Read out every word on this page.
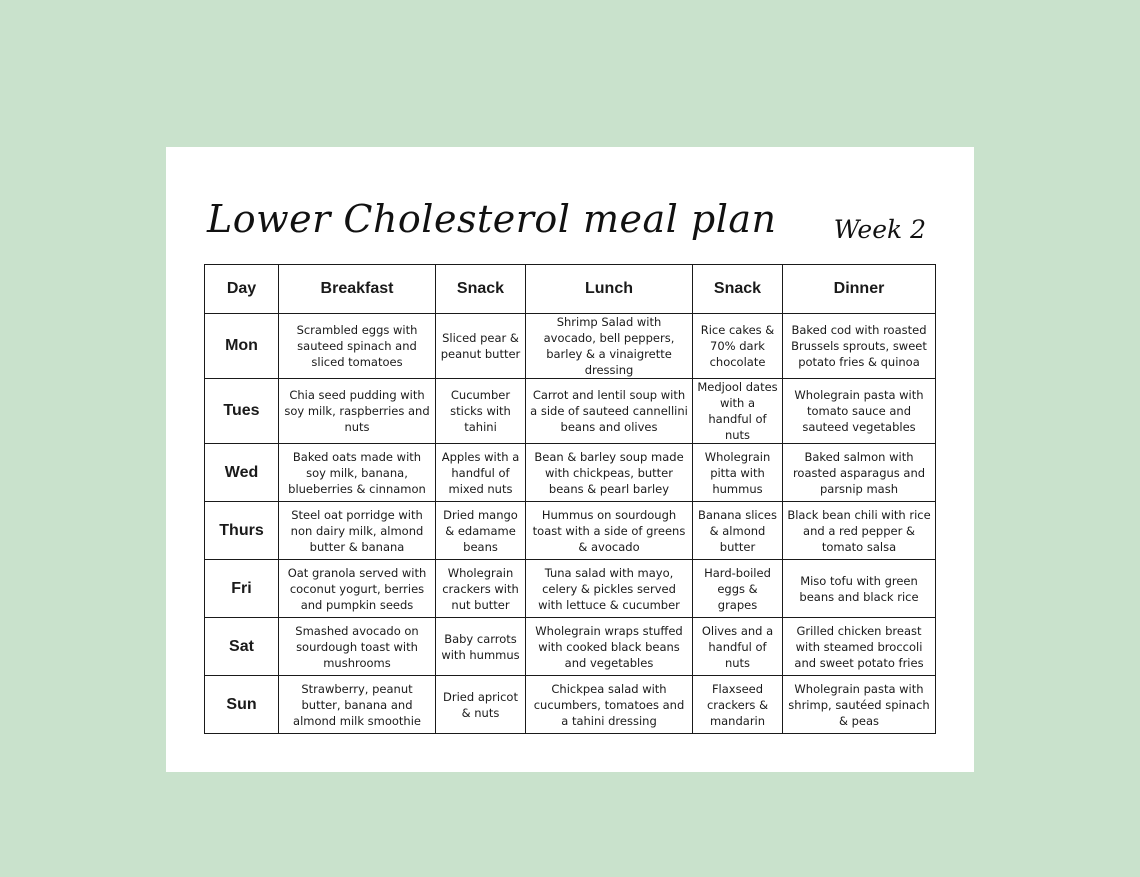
Lower Cholesterol meal plan Week 2
Day	Breakfast	Snack	Lunch	Snack	Dinner
Mon	Scrambled eggs with sauteed spinach and sliced tomatoes	Sliced pear & peanut butter	Shrimp Salad with avocado, bell peppers, barley & a vinaigrette dressing	Rice cakes & 70% dark chocolate	Baked cod with roasted Brussels sprouts, sweet potato fries & quinoa
Tues	Chia seed pudding with soy milk, raspberries and nuts	Cucumber sticks with tahini	Carrot and lentil soup with a side of sauteed cannellini beans and olives	Medjool dates with a handful of nuts	Wholegrain pasta with tomato sauce and sauteed vegetables
Wed	Baked oats made with soy milk, banana, blueberries & cinnamon	Apples with a handful of mixed nuts	Bean & barley soup made with chickpeas, butter beans & pearl barley	Wholegrain pitta with hummus	Baked salmon with roasted asparagus and parsnip mash
Thurs	Steel oat porridge with non dairy milk, almond butter & banana	Dried mango & edamame beans	Hummus on sourdough toast with a side of greens & avocado	Banana slices & almond butter	Black bean chili with rice and a red pepper & tomato salsa
Fri	Oat granola served with coconut yogurt, berries and pumpkin seeds	Wholegrain crackers with nut butter	Tuna salad with mayo, celery & pickles served with lettuce & cucumber	Hard-boiled eggs & grapes	Miso tofu with green beans and black rice
Sat	Smashed avocado on sourdough toast with mushrooms	Baby carrots with hummus	Wholegrain wraps stuffed with cooked black beans and vegetables	Olives and a handful of nuts	Grilled chicken breast with steamed broccoli and sweet potato fries
Sun	Strawberry, peanut butter, banana and almond milk smoothie	Dried apricot & nuts	Chickpea salad with cucumbers, tomatoes and a tahini dressing	Flaxseed crackers & mandarin	Wholegrain pasta with shrimp, sautéed spinach & peas
